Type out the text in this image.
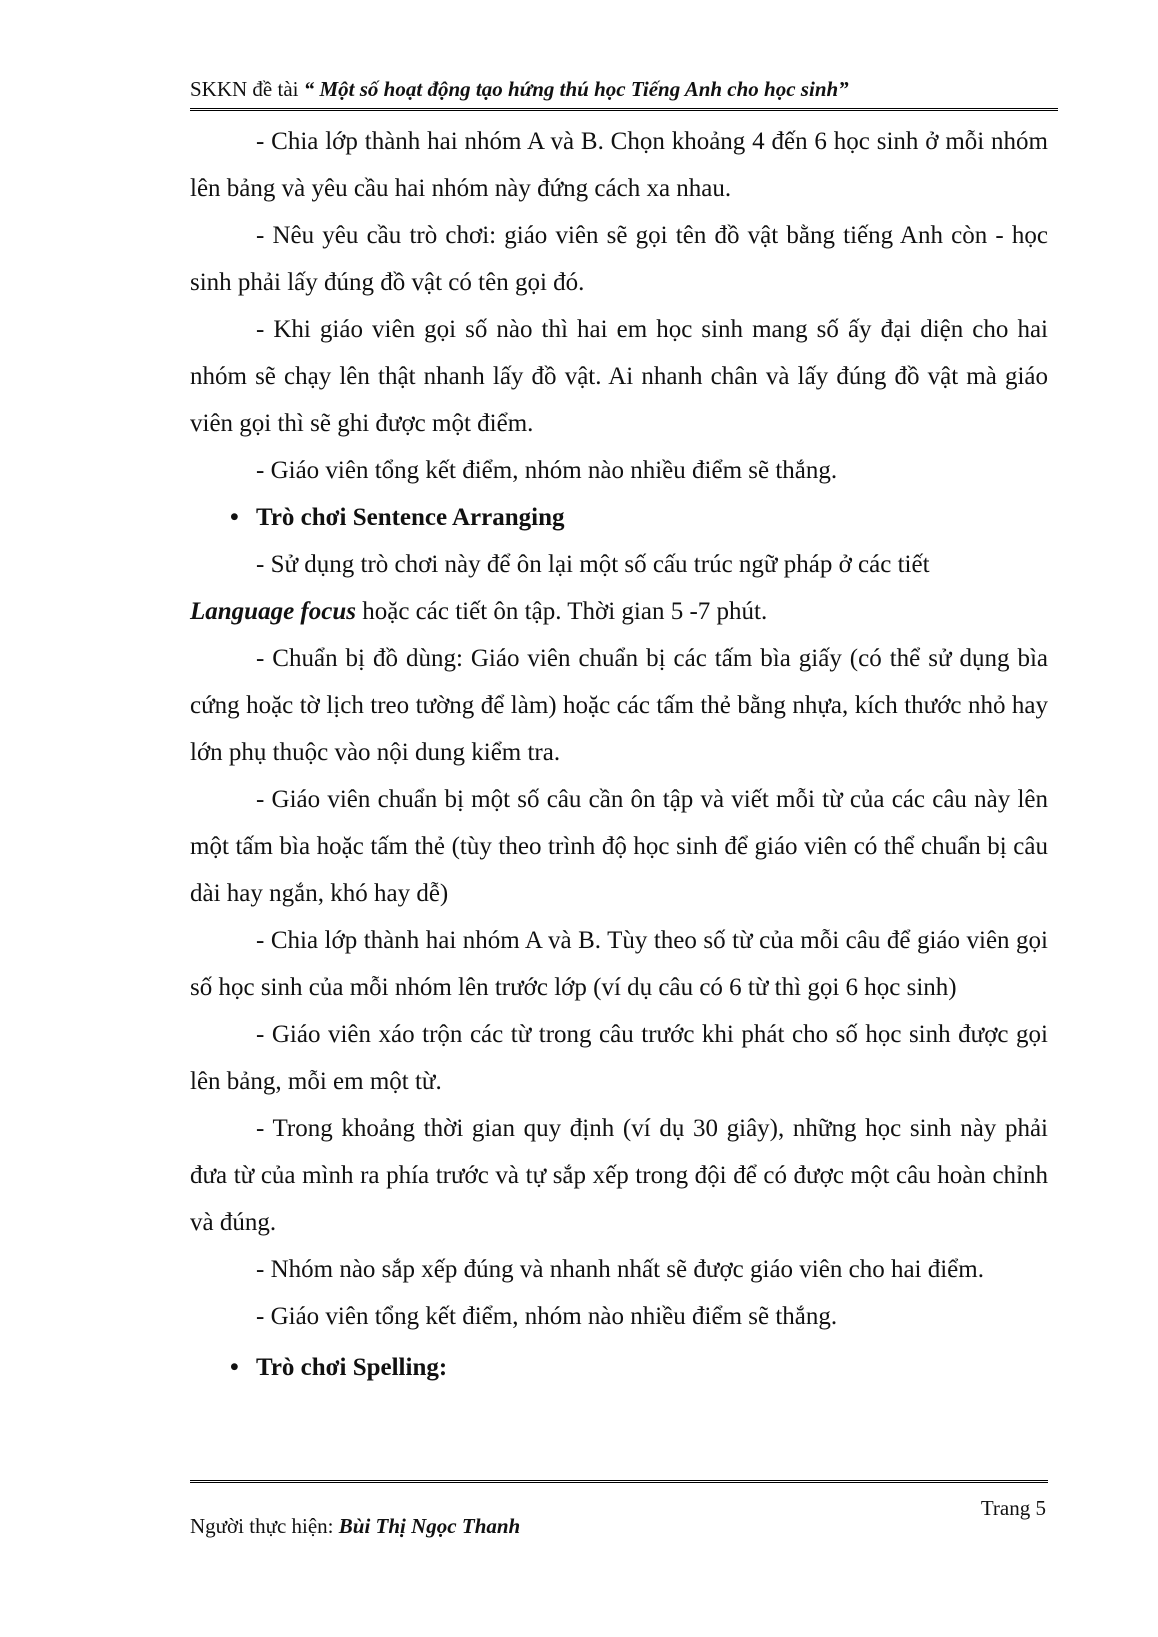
SKKN đề tài “ Một số hoạt động tạo hứng thú học Tiếng Anh cho học sinh”

- Chia lớp thành hai nhóm A và B. Chọn khoảng 4 đến 6 học sinh ở mỗi nhóm lên bảng và yêu cầu hai nhóm này đứng cách xa nhau.

- Nêu yêu cầu trò chơi: giáo viên sẽ gọi tên đồ vật bằng tiếng Anh còn - học sinh phải lấy đúng đồ vật có tên gọi đó.

- Khi giáo viên gọi số nào thì hai em học sinh mang số ấy đại diện cho hai nhóm sẽ chạy lên thật nhanh lấy đồ vật. Ai nhanh chân và lấy đúng đồ vật mà giáo viên gọi thì sẽ ghi được một điểm.

- Giáo viên tổng kết điểm, nhóm nào nhiều điểm sẽ thắng.

• Trò chơi Sentence Arranging

- Sử dụng trò chơi này để ôn lại một số cấu trúc ngữ pháp ở các tiết

Language focus hoặc các tiết ôn tập. Thời gian 5 -7 phút.

- Chuẩn bị đồ dùng: Giáo viên chuẩn bị các tấm bìa giấy (có thể sử dụng bìa cứng hoặc tờ lịch treo tường để làm) hoặc các tấm thẻ bằng nhựa, kích thước nhỏ hay lớn phụ thuộc vào nội dung kiểm tra.

- Giáo viên chuẩn bị một số câu cần ôn tập và viết mỗi từ của các câu này lên một tấm bìa hoặc tấm thẻ (tùy theo trình độ học sinh để giáo viên có thể chuẩn bị câu dài hay ngắn, khó hay dễ)

- Chia lớp thành hai nhóm A và B. Tùy theo số từ của mỗi câu để giáo viên gọi số học sinh của mỗi nhóm lên trước lớp (ví dụ câu có 6 từ thì gọi 6 học sinh)

- Giáo viên xáo trộn các từ trong câu trước khi phát cho số học sinh được gọi lên bảng, mỗi em một từ.

- Trong khoảng thời gian quy định (ví dụ 30 giây), những học sinh này phải đưa từ của mình ra phía trước và tự sắp xếp trong đội để có được một câu hoàn chỉnh và đúng.

- Nhóm nào sắp xếp đúng và nhanh nhất sẽ được giáo viên cho hai điểm.

- Giáo viên tổng kết điểm, nhóm nào nhiều điểm sẽ thắng.

• Trò chơi Spelling:

Trang 5
Người thực hiện: Bùi Thị Ngọc Thanh
